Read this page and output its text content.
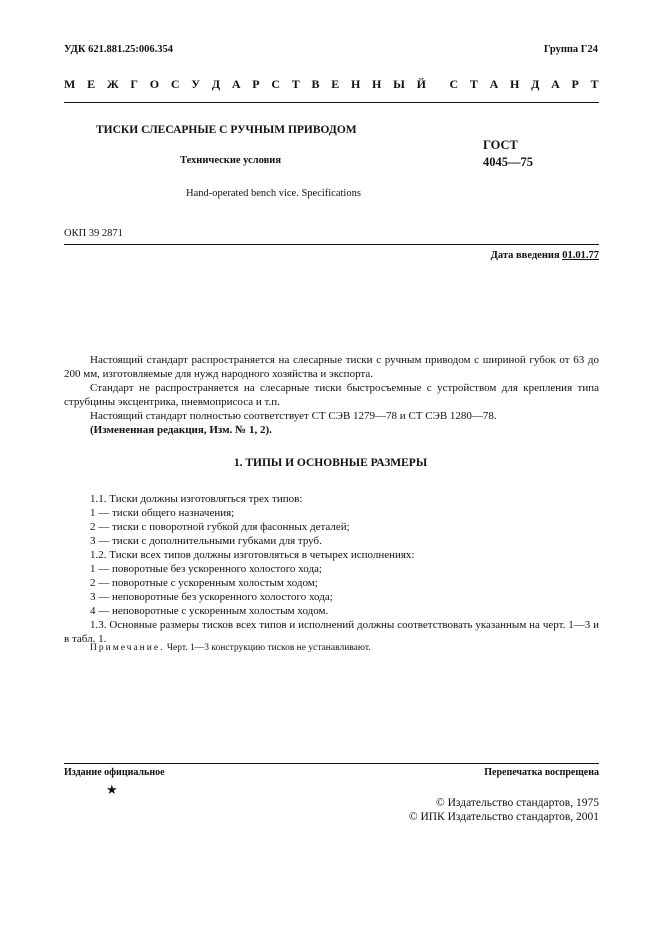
УДК 621.881.25:006.354	Группа Г24
М Е Ж Г О С У Д А Р С Т В Е Н Н Ы Й С Т А Н Д А Р Т
ТИСКИ СЛЕСАРНЫЕ С РУЧНЫМ ПРИВОДОМ
ГОСТ
4045—75
Технические условия
Hand-operated bench vice. Specifications
ОКП 39 2871
Дата введения 01.01.77
Настоящий стандарт распространяется на слесарные тиски с ручным приводом с шириной губок от 63 до 200 мм, изготовляемые для нужд народного хозяйства и экспорта.
Стандарт не распространяется на слесарные тиски быстросъемные с устройством для крепления типа струбцины эксцентрика, пневмоприсоса и т.п.
Настоящий стандарт полностью соответствует СТ СЭВ 1279—78 и СТ СЭВ 1280—78.
(Измененная редакция, Изм. № 1, 2).
1. ТИПЫ И ОСНОВНЫЕ РАЗМЕРЫ
1.1. Тиски должны изготовляться трех типов:
1 — тиски общего назначения;
2 — тиски с поворотной губкой для фасонных деталей;
3 — тиски с дополнительными губками для труб.
1.2. Тиски всех типов должны изготовляться в четырех исполнениях:
1 — поворотные без ускоренного холостого хода;
2 — поворотные с ускоренным холостым ходом;
3 — неповоротные без ускоренного холостого хода;
4 — неповоротные с ускоренным холостым ходом.
1.3. Основные размеры тисков всех типов и исполнений должны соответствовать указанным на черт. 1—3 и в табл. 1.
Примечание. Черт. 1—3 конструкцию тисков не устанавливают.
Издание официальное	Перепечатка воспрещена
★
© Издательство стандартов, 1975
© ИПК Издательство стандартов, 2001
